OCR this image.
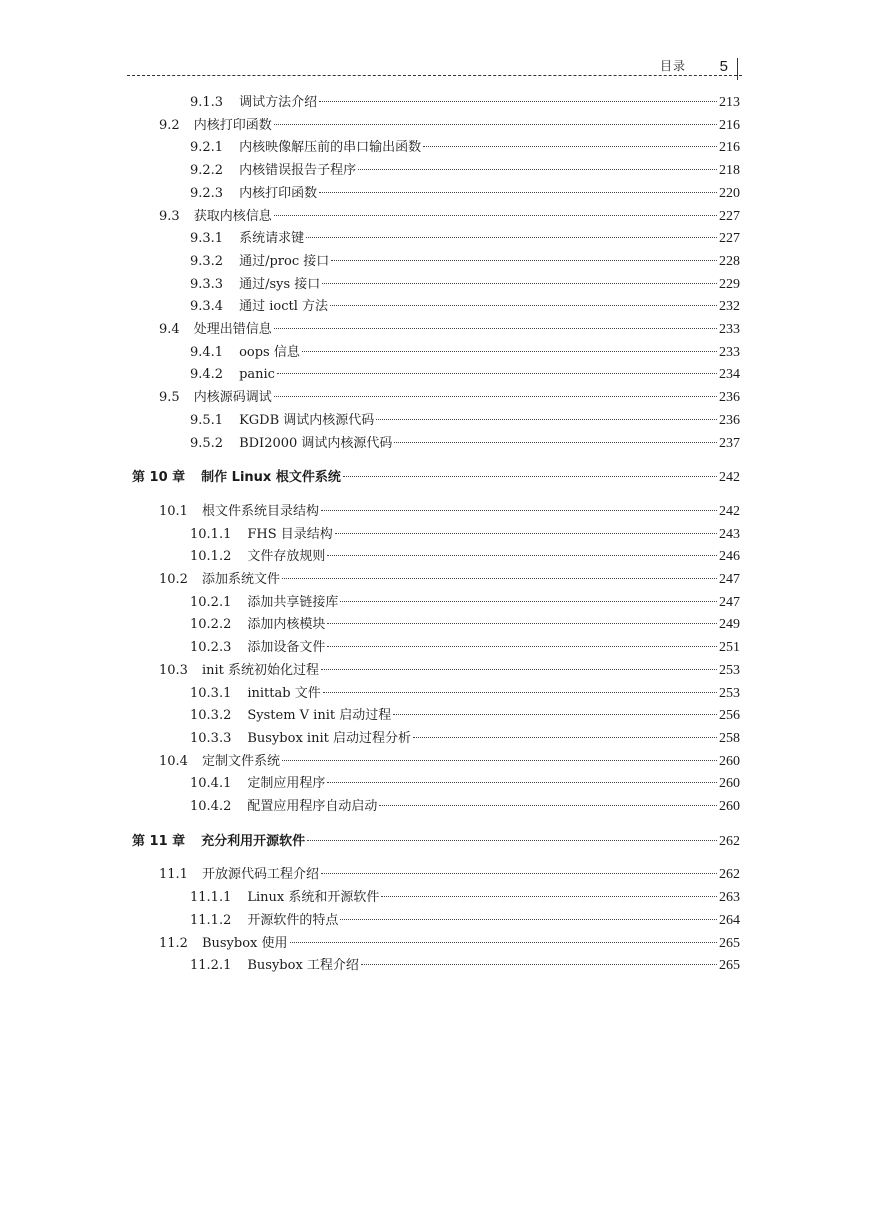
目录 5
9.1.3 调试方法介绍	213
9.2 内核打印函数	216
9.2.1 内核映像解压前的串口输出函数	216
9.2.2 内核错误报告子程序	218
9.2.3 内核打印函数	220
9.3 获取内核信息	227
9.3.1 系统请求键	227
9.3.2 通过/proc 接口	228
9.3.3 通过/sys 接口	229
9.3.4 通过 ioctl 方法	232
9.4 处理出错信息	233
9.4.1 oops 信息	233
9.4.2 panic	234
9.5 内核源码调试	236
9.5.1 KGDB 调试内核源代码	236
9.5.2 BDI2000 调试内核源代码	237
第 10 章 制作 Linux 根文件系统	242
10.1 根文件系统目录结构	242
10.1.1 FHS 目录结构	243
10.1.2 文件存放规则	246
10.2 添加系统文件	247
10.2.1 添加共享链接库	247
10.2.2 添加内核模块	249
10.2.3 添加设备文件	251
10.3 init 系统初始化过程	253
10.3.1 inittab 文件	253
10.3.2 System V init 启动过程	256
10.3.3 Busybox init 启动过程分析	258
10.4 定制文件系统	260
10.4.1 定制应用程序	260
10.4.2 配置应用程序自动启动	260
第 11 章 充分利用开源软件	262
11.1 开放源代码工程介绍	262
11.1.1 Linux 系统和开源软件	263
11.1.2 开源软件的特点	264
11.2 Busybox 使用	265
11.2.1 Busybox 工程介绍	265
